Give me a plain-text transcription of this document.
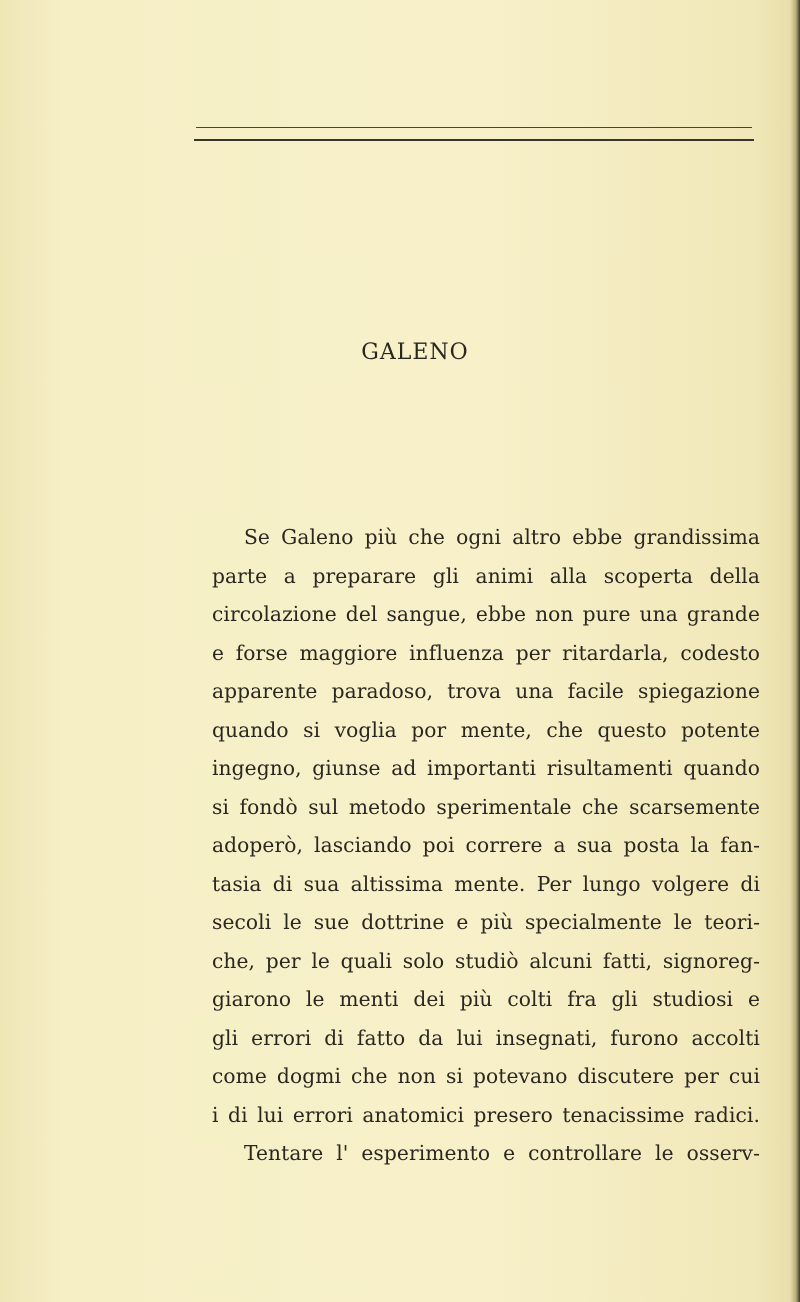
GALENO
Se Galeno più che ogni altro ebbe grandissima
parte a preparare gli animi alla scoperta della
circolazione del sangue, ebbe non pure una grande
e forse maggiore influenza per ritardarla, codesto
apparente paradoso, trova una facile spiegazione
quando si voglia por mente, che questo potente
ingegno, giunse ad importanti risultamenti quando
si fondò sul metodo sperimentale che scarsemente
adoperò, lasciando poi correre a sua posta la fan-
tasia di sua altissima mente. Per lungo volgere di
secoli le sue dottrine e più specialmente le teori-
che, per le quali solo studiò alcuni fatti, signoreg-
giarono le menti dei più colti fra gli studiosi e
gli errori di fatto da lui insegnati, furono accolti
come dogmi che non si potevano discutere per cui
i di lui errori anatomici presero tenacissime radici.
Tentare l' esperimento e controllare le osserv-
